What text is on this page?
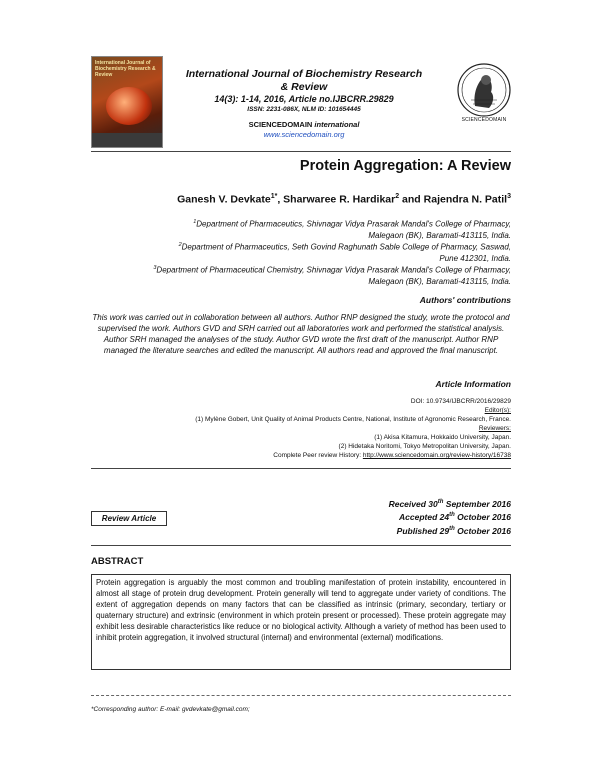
International Journal of Biochemistry Research & Review	International Journal of Biochemistry Research
& Review
14(3): 1-14, 2016, Article no.IJBCRR.29829
ISSN: 2231-086X, NLM ID: 101654445
SCIENCEDOMAIN international
www.sciencedomain.org
SCIENCEDOMAIN
Protein Aggregation: A Review
Ganesh V. Devkate$^{1*}$, Sharwaree R. Hardikar$^2$ and Rajendra N. Patil$^3$
$^1$Department of Pharmaceutics, Shivnagar Vidya Prasarak Mandal's College of Pharmacy,
Malegaon (BK), Baramati-413115, India.
$^2$Department of Pharmaceutics, Seth Govind Raghunath Sable College of Pharmacy, Saswad,
Pune 412301, India.
$^3$Department of Pharmaceutical Chemistry, Shivnagar Vidya Prasarak Mandal's College of Pharmacy,
Malegaon (BK), Baramati-413115, India.
Authors' contributions
This work was carried out in collaboration between all authors. Author RNP designed the study, wrote the protocol and supervised the work. Authors GVD and SRH carried out all laboratories work and performed the statistical analysis. Author SRH managed the analyses of the study. Author GVD wrote the first draft of the manuscript. Author RNP managed the literature searches and edited the manuscript. All authors read and approved the final manuscript.
Article Information
DOI: 10.9734/IJBCRR/2016/29829
Editor(s):
(1) Mylène Gobert, Unit Quality of Animal Products Centre, National, Institute of Agronomic Research, France.
Reviewers:
(1) Akisa Kitamura, Hokkaido University, Japan.
(2) Hidetaka Noritomi, Tokyo Metropolitan University, Japan.
Complete Peer review History: http://www.sciencedomain.org/review-history/16738
Received 30th September 2016
Accepted 24th October 2016
Published 29th October 2016
Review Article
ABSTRACT
Protein aggregation is arguably the most common and troubling manifestation of protein instability, encountered in almost all stage of protein drug development. Protein generally will tend to aggregate under variety of conditions. The extent of aggregation depends on many factors that can be classified as intrinsic (primary, secondary, tertiary or quaternary structure) and extrinsic (environment in which protein present or processed). These protein aggregate may exhibit less desirable characteristics like reduce or no biological activity. Although a variety of method has been used to inhibit protein aggregation, it involved structural (internal) and environmental (external) modifications.
*Corresponding author: E-mail: gvdevkate@gmail.com;
